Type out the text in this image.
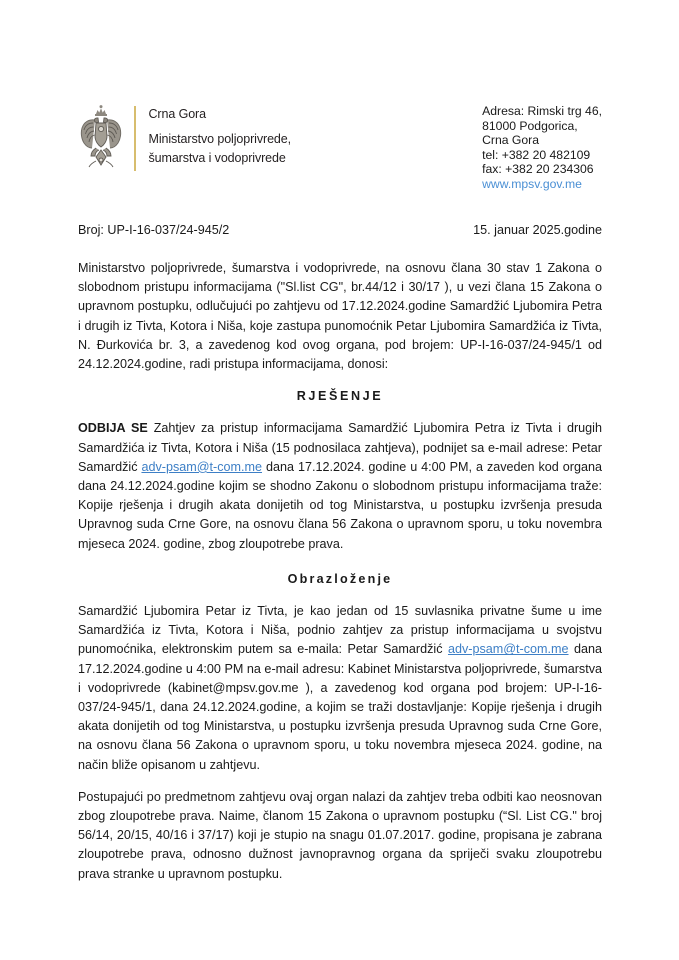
Crna Gora
Ministarstvo poljoprivrede,
šumarstva i vodoprivrede
Adresa: Rimski trg 46,
81000 Podgorica,
Crna Gora
tel: +382 20 482109
fax: +382 20 234306
www.mpsv.gov.me
Broj: UP-I-16-037/24-945/2	15. januar 2025.godine

Ministarstvo poljoprivrede, šumarstva i vodoprivrede, na osnovu člana 30 stav 1 Zakona o slobodnom pristupu informacijama ("Sl.list CG", br.44/12 i 30/17 ), u vezi člana 15 Zakona o upravnom postupku, odlučujući po zahtjevu od 17.12.2024.godine Samardžić Ljubomira Petra i drugih iz Tivta, Kotora i Niša, koje zastupa punomoćnik Petar Ljubomira Samardžića iz Tivta, N. Đurkovića br. 3, a zavedenog kod ovog organa, pod brojem: UP-I-16-037/24-945/1 od 24.12.2024.godine, radi pristupa informacijama, donosi:

RJEŠENJE

ODBIJA SE Zahtjev za pristup informacijama Samardžić Ljubomira Petra iz Tivta i drugih Samardžića iz Tivta, Kotora i Niša (15 podnosilaca zahtjeva), podnijet sa e-mail adrese: Petar Samardžić adv-psam@t-com.me dana 17.12.2024. godine u 4:00 PM, a zaveden kod organa dana 24.12.2024.godine kojim se shodno Zakonu o slobodnom pristupu informacijama traže: Kopije rješenja i drugih akata donijetih od tog Ministarstva, u postupku izvršenja presuda Upravnog suda Crne Gore, na osnovu člana 56 Zakona o upravnom sporu, u toku novembra mjeseca 2024. godine, zbog zloupotrebe prava.

Obrazloženje

Samardžić Ljubomira Petar iz Tivta, je kao jedan od 15 suvlasnika privatne šume u ime Samardžića iz Tivta, Kotora i Niša, podnio zahtjev za pristup informacijama u svojstvu punomoćnika, elektronskim putem sa e-maila: Petar Samardžić adv-psam@t-com.me dana 17.12.2024.godine u 4:00 PM na e-mail adresu: Kabinet Ministarstva poljoprivrede, šumarstva i vodoprivrede (kabinet@mpsv.gov.me ), a zavedenog kod organa pod brojem: UP-I-16-037/24-945/1, dana 24.12.2024.godine, a kojim se traži dostavljanje: Kopije rješenja i drugih akata donijetih od tog Ministarstva, u postupku izvršenja presuda Upravnog suda Crne Gore, na osnovu člana 56 Zakona o upravnom sporu, u toku novembra mjeseca 2024. godine, na način bliže opisanom u zahtjevu.

Postupajući po predmetnom zahtjevu ovaj organ nalazi da zahtjev treba odbiti kao neosnovan zbog zloupotrebe prava. Naime, članom 15 Zakona o upravnom postupku (“Sl. List CG." broj 56/14, 20/15, 40/16 i 37/17) koji je stupio na snagu 01.07.2017. godine, propisana je zabrana zloupotrebe prava, odnosno dužnost javnopravnog organa da spriječi svaku zloupotrebu prava stranke u upravnom postupku.
